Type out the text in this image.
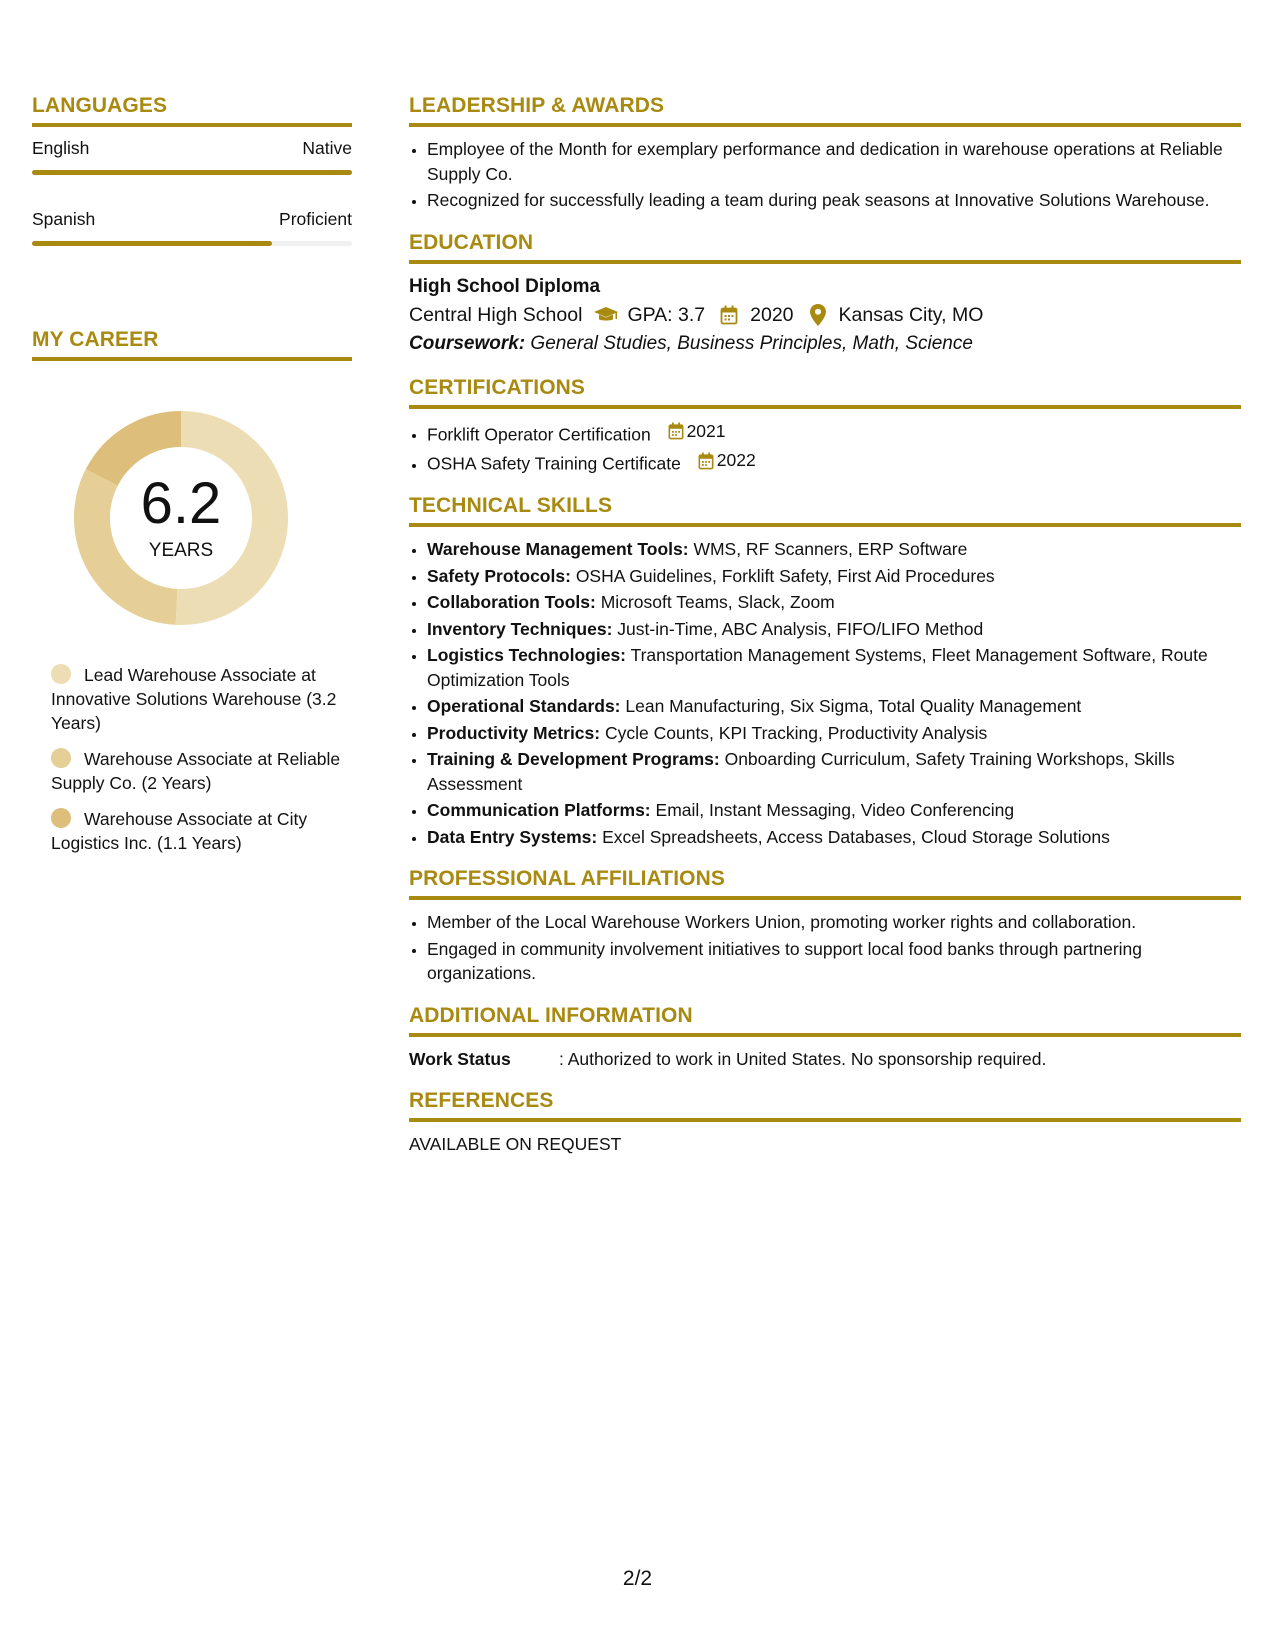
LANGUAGES
English	Native
Spanish	Proficient
MY CAREER
6.2
YEARS
Lead Warehouse Associate at Innovative Solutions Warehouse (3.2 Years)
Warehouse Associate at Reliable Supply Co. (2 Years)
Warehouse Associate at City Logistics Inc. (1.1 Years)
LEADERSHIP & AWARDS
• Employee of the Month for exemplary performance and dedication in warehouse operations at Reliable Supply Co.
• Recognized for successfully leading a team during peak seasons at Innovative Solutions Warehouse.
EDUCATION
High School Diploma
Central High School GPA: 3.7 2020 Kansas City, MO
Coursework: General Studies, Business Principles, Math, Science
CERTIFICATIONS
• Forklift Operator Certification 2021
• OSHA Safety Training Certificate 2022
TECHNICAL SKILLS
• Warehouse Management Tools: WMS, RF Scanners, ERP Software
• Safety Protocols: OSHA Guidelines, Forklift Safety, First Aid Procedures
• Collaboration Tools: Microsoft Teams, Slack, Zoom
• Inventory Techniques: Just-in-Time, ABC Analysis, FIFO/LIFO Method
• Logistics Technologies: Transportation Management Systems, Fleet Management Software, Route Optimization Tools
• Operational Standards: Lean Manufacturing, Six Sigma, Total Quality Management
• Productivity Metrics: Cycle Counts, KPI Tracking, Productivity Analysis
• Training & Development Programs: Onboarding Curriculum, Safety Training Workshops, Skills Assessment
• Communication Platforms: Email, Instant Messaging, Video Conferencing
• Data Entry Systems: Excel Spreadsheets, Access Databases, Cloud Storage Solutions
PROFESSIONAL AFFILIATIONS
• Member of the Local Warehouse Workers Union, promoting worker rights and collaboration.
• Engaged in community involvement initiatives to support local food banks through partnering organizations.
ADDITIONAL INFORMATION
Work Status	: Authorized to work in United States. No sponsorship required.
REFERENCES
AVAILABLE ON REQUEST
2/2
